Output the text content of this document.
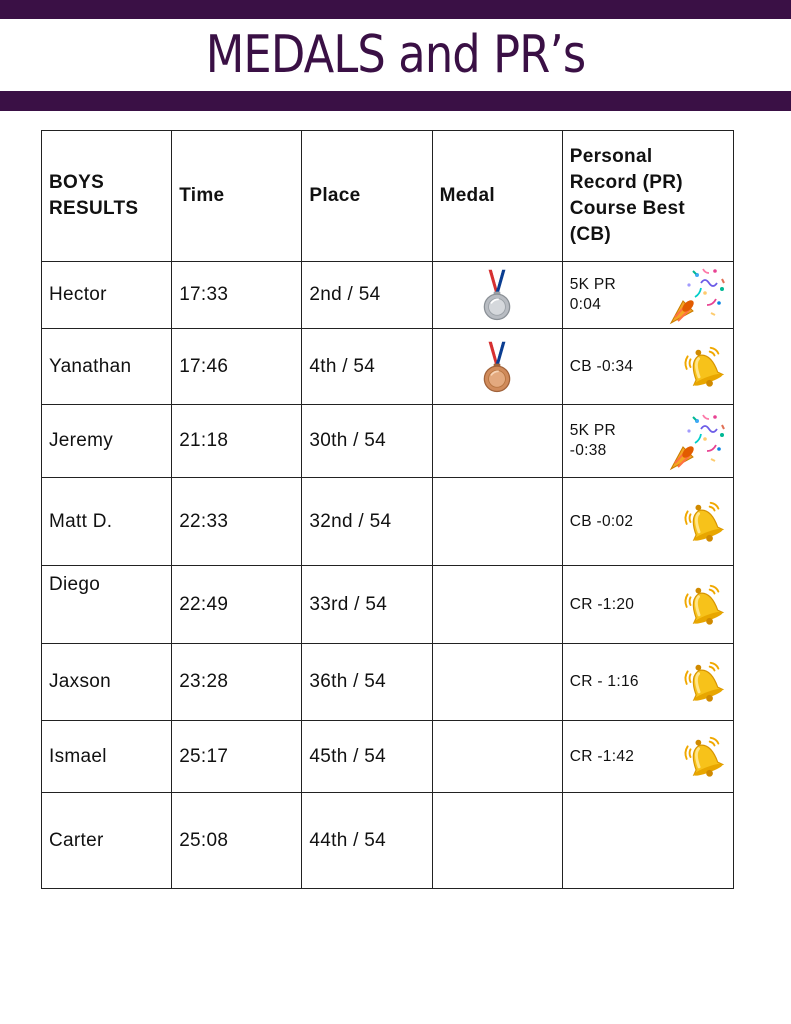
MEDALS and PR’s
BOYS
RESULTS	Time	Place	Medal	Personal
Record (PR)
Course Best
(CB)
Hector	17:33	2nd / 54		5K PR
0:04

Yanathan	17:46	4th / 54		CB -0:34

Jeremy	21:18	30th / 54		5K PR
-0:38

Matt D.	22:33	32nd / 54		CB -0:02

Diego	22:49	33rd / 54		CR -1:20

Jaxson	23:28	36th / 54		CR - 1:16

Ismael	25:17	45th / 54		CR -1:42

Carter	25:08	44th / 54		
